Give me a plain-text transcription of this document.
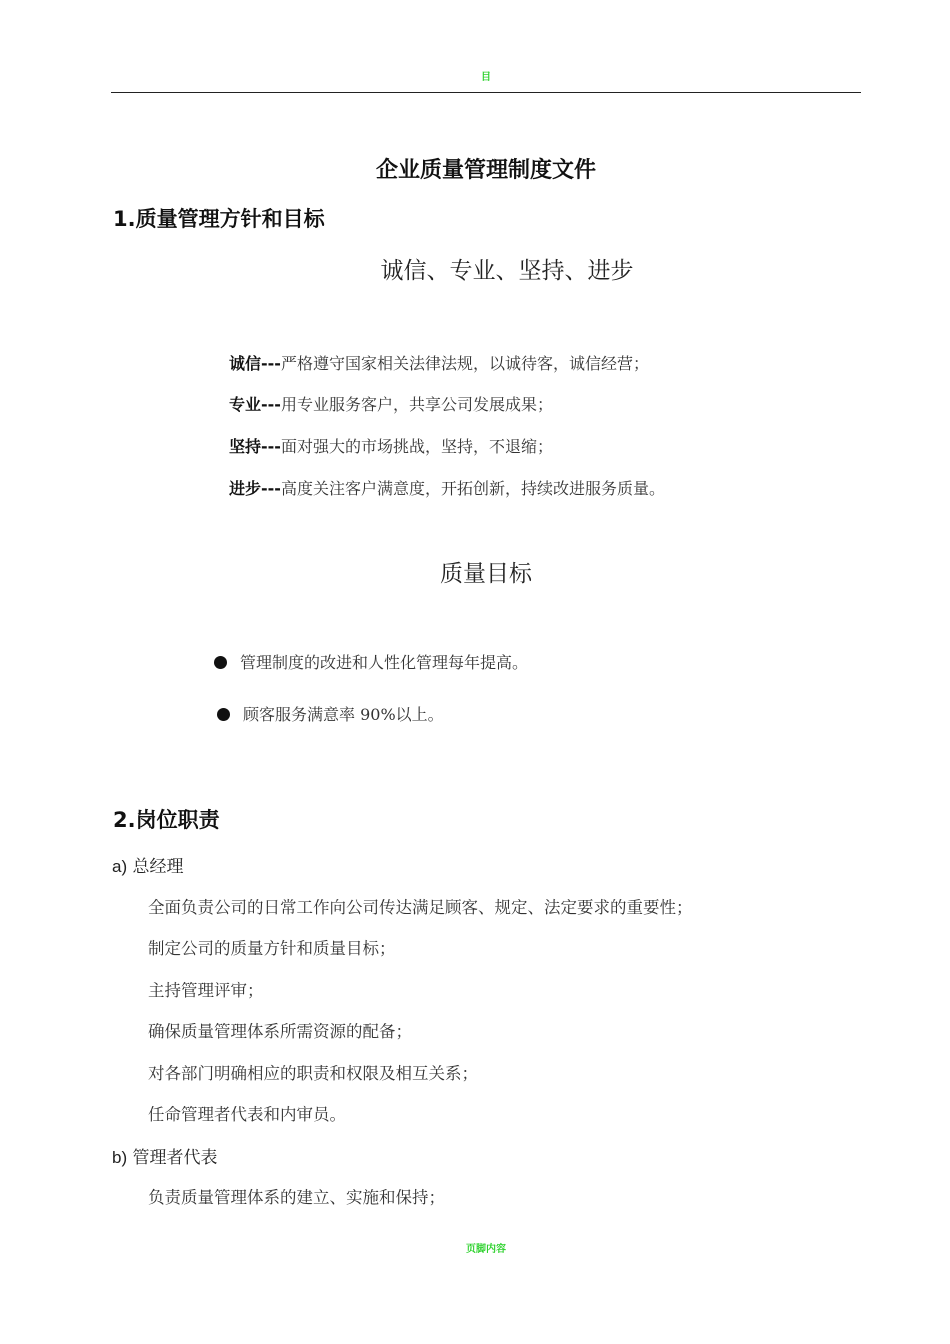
目
企业质量管理制度文件
1.质量管理方针和目标
诚信、专业、坚持、进步
诚信---严格遵守国家相关法律法规，以诚待客，诚信经营；
专业---用专业服务客户，共享公司发展成果；
坚持---面对强大的市场挑战，坚持，不退缩；
进步---高度关注客户满意度，开拓创新，持续改进服务质量。
质量目标
管理制度的改进和人性化管理每年提高。
顾客服务满意率 90%以上。
2.岗位职责
a) 总经理
全面负责公司的日常工作向公司传达满足顾客、规定、法定要求的重要性；
制定公司的质量方针和质量目标；
主持管理评审；
确保质量管理体系所需资源的配备；
对各部门明确相应的职责和权限及相互关系；
任命管理者代表和内审员。
b) 管理者代表
负责质量管理体系的建立、实施和保持；
页脚内容
